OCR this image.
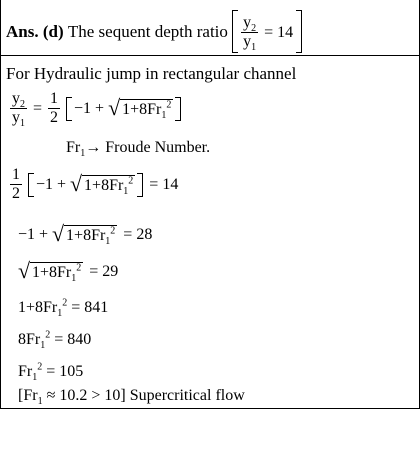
Ans. (d)
The sequent depth ratio
$\frac{y_2}{y_1} = 14$
For Hydraulic jump in rectangular channel
$\frac{y_2}{y_1} = \frac{1}{2} -1$ +
√ $1+8Fr_1^2$
$Fr_1\to$ Froude Number.
$\frac{1}{2} -1$ +
√ $1+8Fr_1^2 = 14$
−1 +
√ $1+8Fr_1^2 = 28$
√ $1+8Fr_1^2 = 29$
$1+8Fr_1^2 = 841$
$8Fr_1^2 = 840$
$Fr_1^2 = 105$
$[Fr_1 \approx 10.2 > 10]$ Supercritical flow
